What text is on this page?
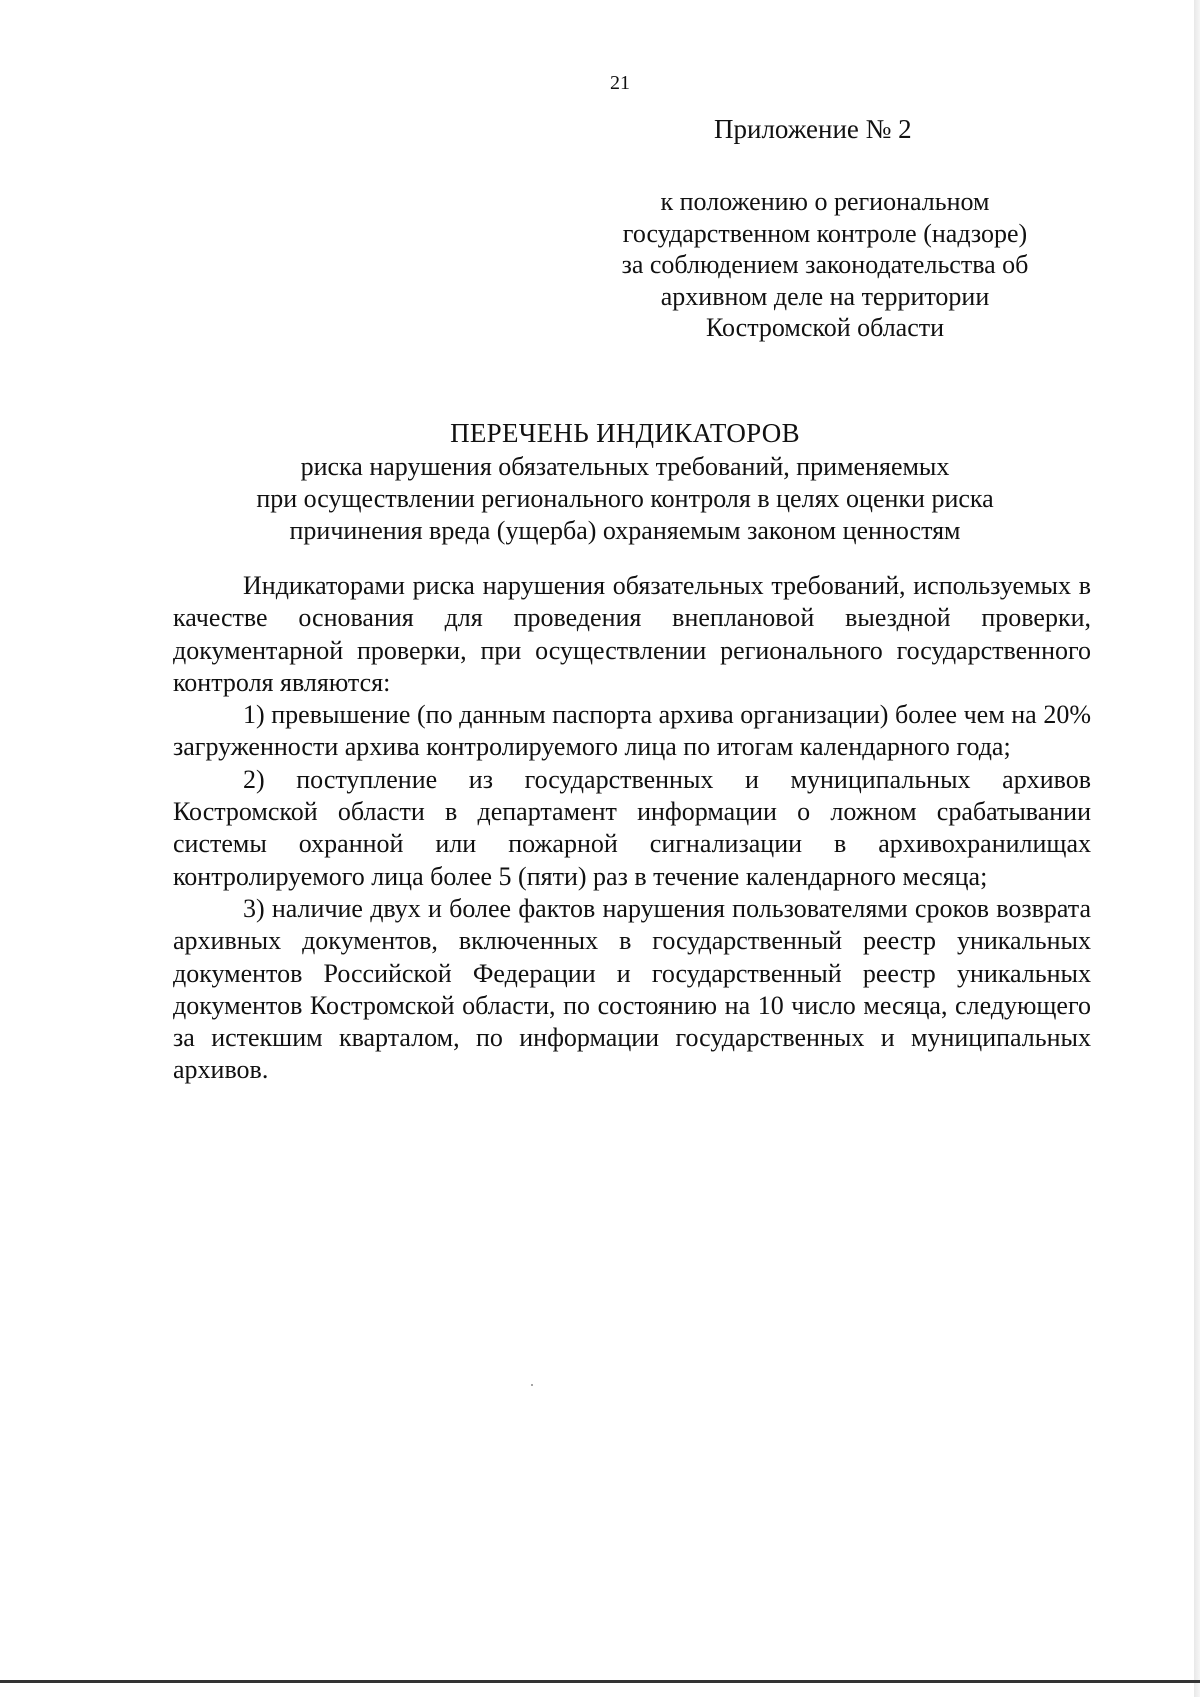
21
Приложение № 2
к положению о региональном
государственном контроле (надзоре)
за соблюдением законодательства об
архивном деле на территории
Костромской области
ПЕРЕЧЕНЬ ИНДИКАТОРОВ
риска нарушения обязательных требований, применяемых
при осуществлении регионального контроля в целях оценки риска
причинения вреда (ущерба) охраняемым законом ценностям

Индикаторами риска нарушения обязательных требований, используемых в качестве основания для проведения внеплановой выездной проверки, документарной проверки, при осуществлении регионального государственного контроля являются:

1) превышение (по данным паспорта архива организации) более чем на 20% загруженности архива контролируемого лица по итогам календарного года;

2) поступление из государственных и муниципальных архивов Костромской области в департамент информации о ложном срабатывании системы охранной или пожарной сигнализации в архивохранилищах контролируемого лица более 5 (пяти) раз в течение календарного месяца;

3) наличие двух и более фактов нарушения пользователями сроков возврата архивных документов, включенных в государственный реестр уникальных документов Российской Федерации и государственный реестр уникальных документов Костромской области, по состоянию на 10 число месяца, следующего за истекшим кварталом, по информации государственных и муниципальных архивов.
